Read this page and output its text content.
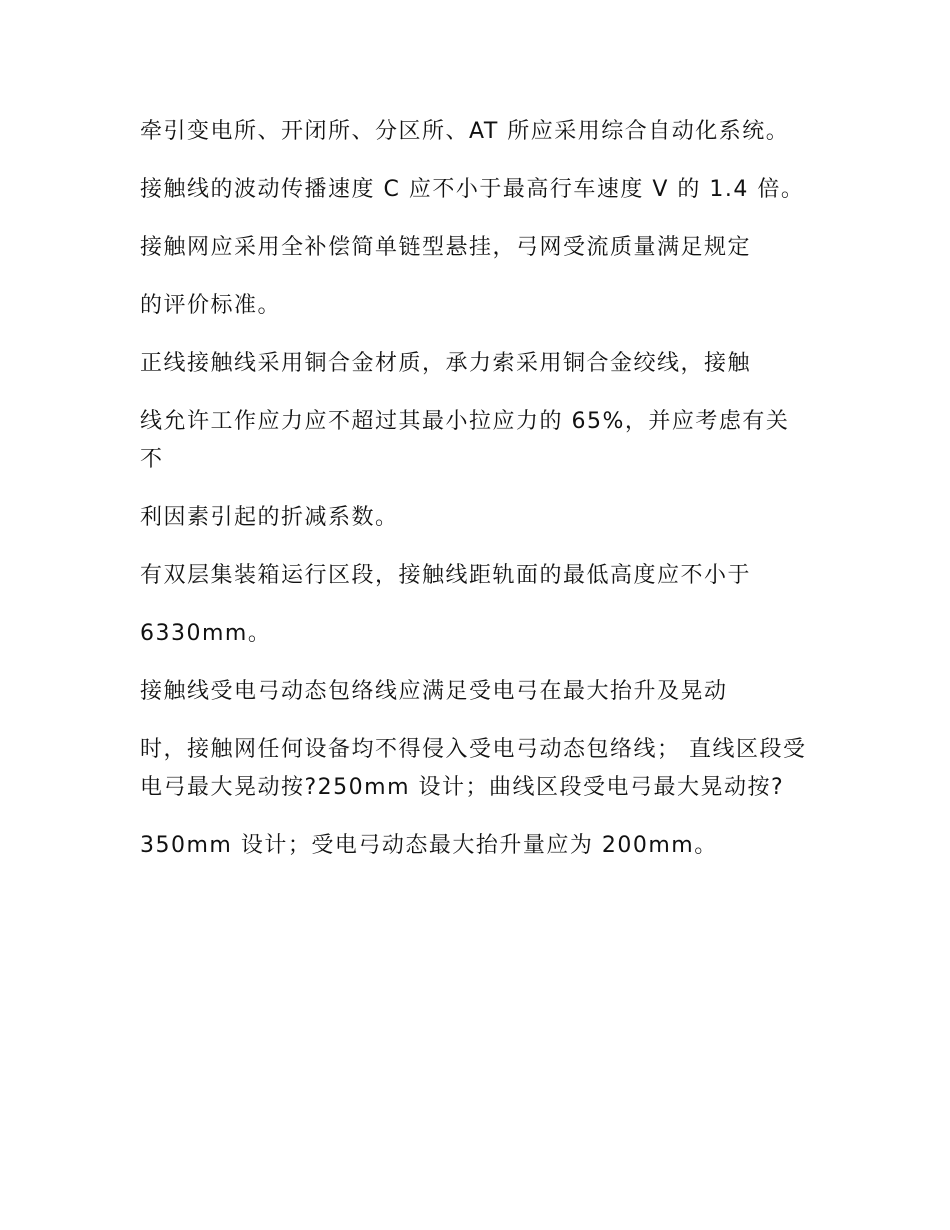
牵引变电所、开闭所、分区所、AT 所应采用综合自动化系统。

接触线的波动传播速度 C 应不小于最高行车速度 V 的 1.4 倍。

接触网应采用全补偿简单链型悬挂，弓网受流质量满足规定

的评价标准。

正线接触线采用铜合金材质，承力索采用铜合金绞线，接触

线允许工作应力应不超过其最小拉应力的 65%，并应考虑有关不

利因素引起的折减系数。

有双层集装箱运行区段，接触线距轨面的最低高度应不小于

6330mm。

接触线受电弓动态包络线应满足受电弓在最大抬升及晃动

时，接触网任何设备均不得侵入受电弓动态包络线； 直线区段受电弓最大晃动按?250mm 设计；曲线区段受电弓最大晃动按?

350mm 设计；受电弓动态最大抬升量应为 200mm。
